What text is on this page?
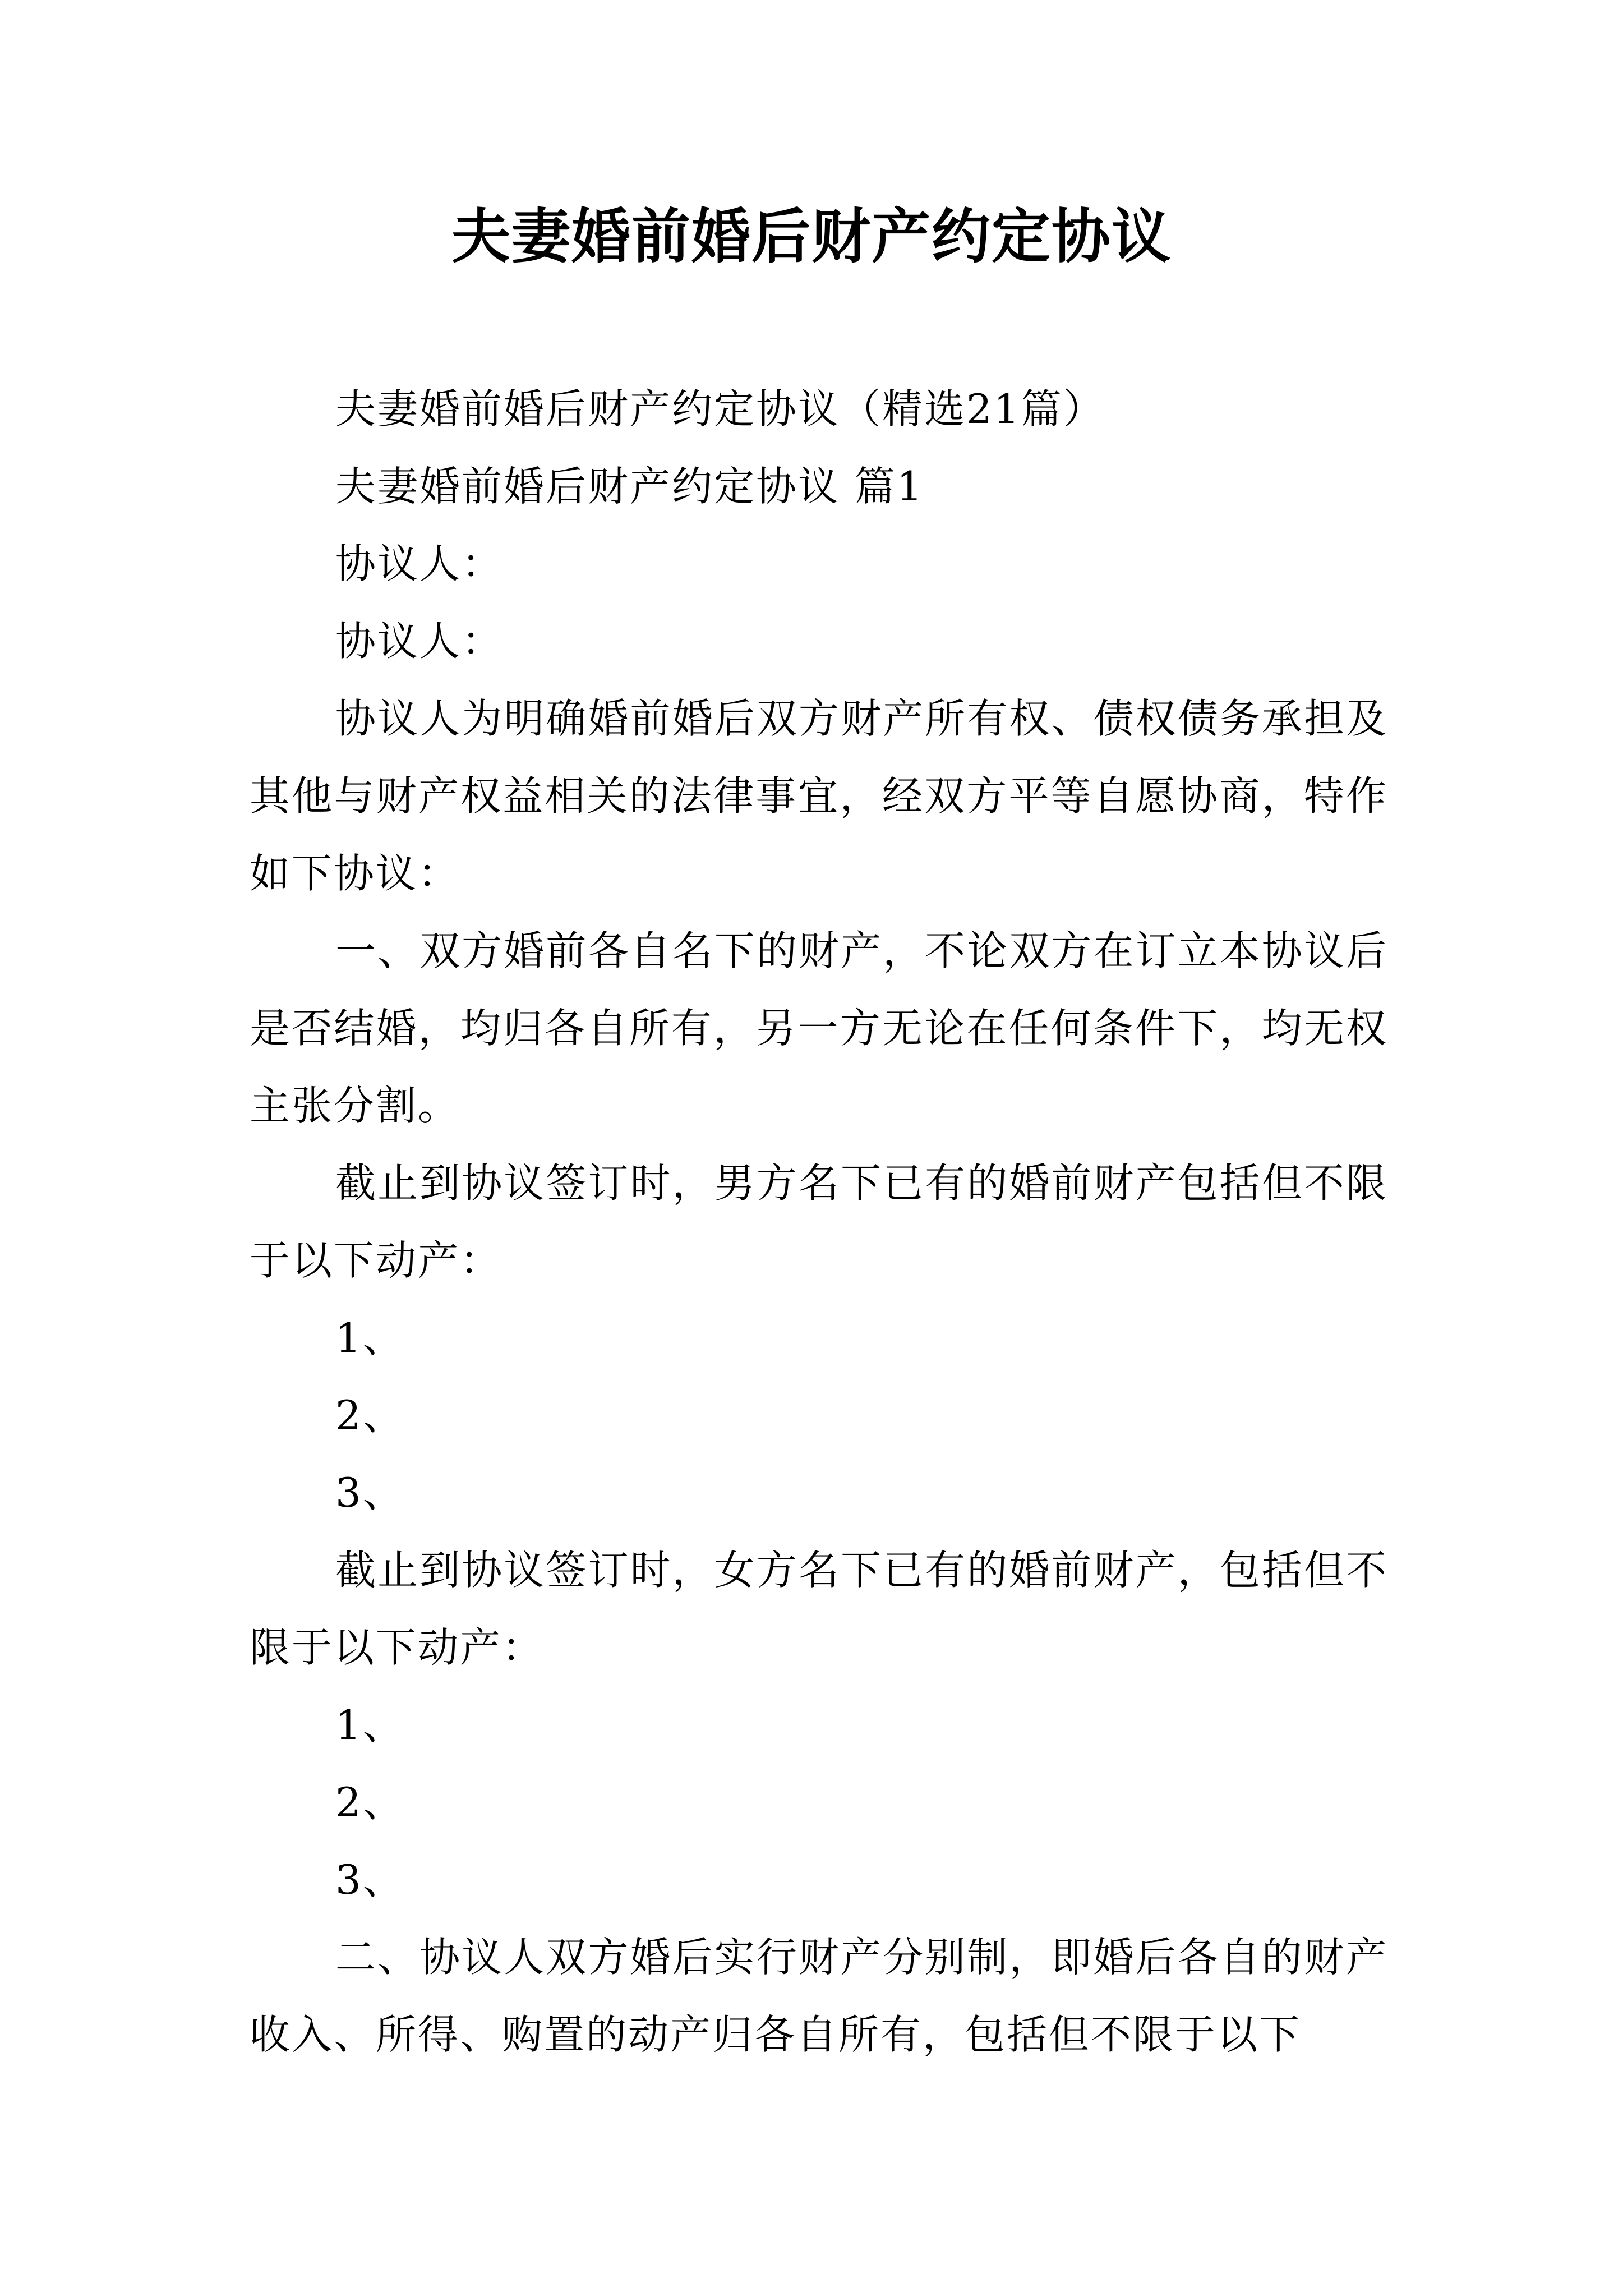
夫妻婚前婚后财产约定协议

夫妻婚前婚后财产约定协议（精选21篇）

夫妻婚前婚后财产约定协议 篇1

协议人：

协议人：

协议人为明确婚前婚后双方财产所有权、债权债务承担及其他与财产权益相关的法律事宜，经双方平等自愿协商，特作如下协议：

一、双方婚前各自名下的财产，不论双方在订立本协议后是否结婚，均归各自所有，另一方无论在任何条件下，均无权主张分割。

截止到协议签订时，男方名下已有的婚前财产包括但不限于以下动产：

1、

2、

3、

截止到协议签订时，女方名下已有的婚前财产，包括但不限于以下动产：

1、

2、

3、

二、协议人双方婚后实行财产分别制，即婚后各自的财产收入、所得、购置的动产归各自所有，包括但不限于以下
